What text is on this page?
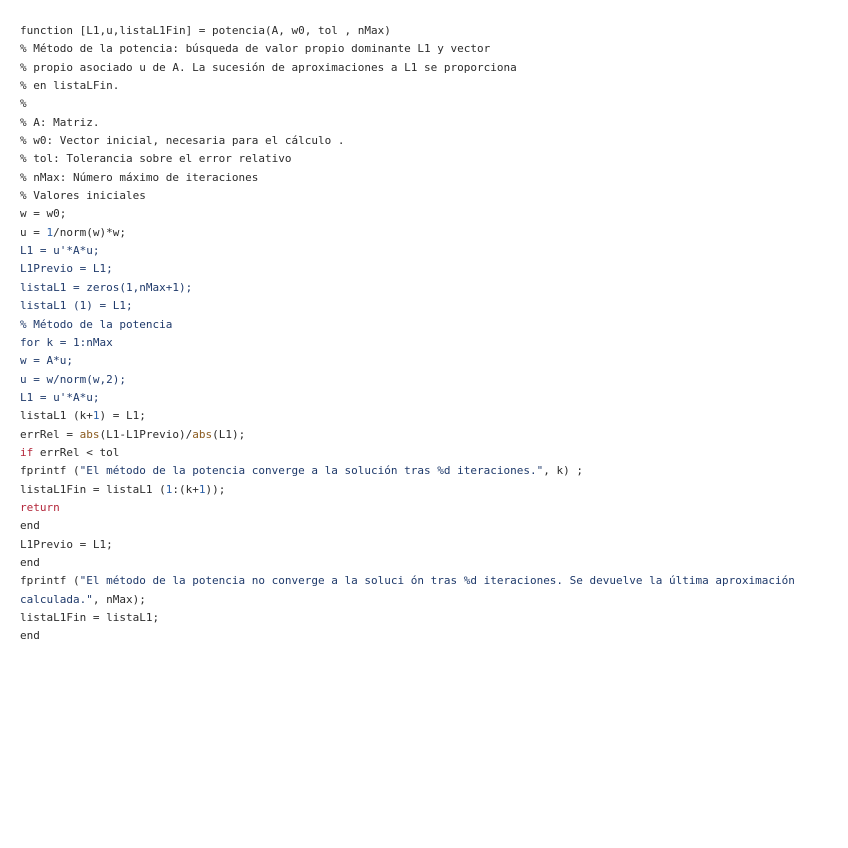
function [L1,u,listaL1Fin] = potencia(A, w0, tol , nMax)
% Método de la potencia: búsqueda de valor propio dominante L1 y vector
% propio asociado u de A. La sucesión de aproximaciones a L1 se proporciona
% en listaLFin.
%
% A: Matriz.
% w0: Vector inicial, necesaria para el cálculo .
% tol: Tolerancia sobre el error relativo
% nMax: Número máximo de iteraciones
% Valores iniciales
w = w0;
u = 1/norm(w)*w;
L1 = u'*A*u;
L1Previo = L1;
listaL1 = zeros(1,nMax+1);
listaL1 (1) = L1;
% Método de la potencia
for k = 1:nMax
w = A*u;
u = w/norm(w,2);
L1 = u'*A*u;
listaL1 (k+1) = L1;
errRel = abs(L1-L1Previo)/abs(L1);
if errRel < tol
fprintf ("El método de la potencia converge a la solución tras %d iteraciones.", k) ;
listaL1Fin = listaL1 (1:(k+1));
return
end
L1Previo = L1;
end
fprintf ("El método de la potencia no converge a la soluci ón tras %d iteraciones. Se devuelve la última aproximación
calculada.", nMax);
listaL1Fin = listaL1;
end
